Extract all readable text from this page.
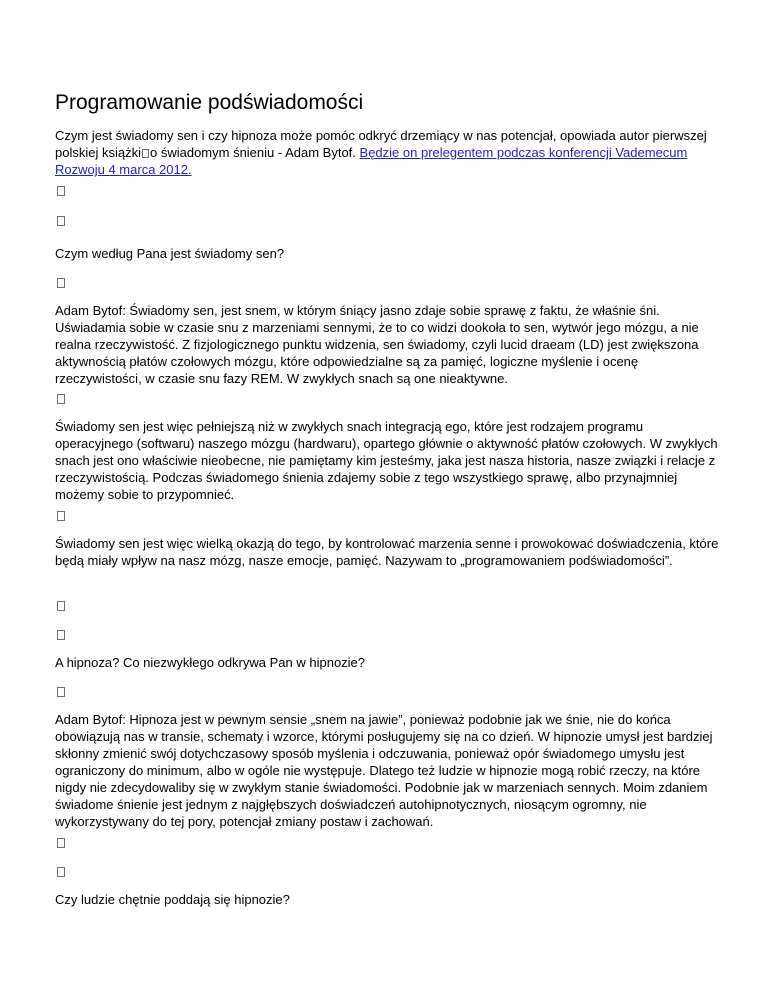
Programowanie podświadomości

Czym jest świadomy sen i czy hipnoza może pomóc odkryć drzemiący w nas potencjał, opowiada autor pierwszej polskiej książki o świadomym śnieniu - Adam Bytof. Będzie on prelegentem podczas konferencji Vademecum Rozwoju 4 marca 2012.

Czym według Pana jest świadomy sen?

Adam Bytof: Świadomy sen, jest snem, w którym śniący jasno zdaje sobie sprawę z faktu, że właśnie śni. Uświadamia sobie w czasie snu z marzeniami sennymi, że to co widzi dookoła to sen, wytwór jego mózgu, a nie realna rzeczywistość. Z fizjologicznego punktu widzenia, sen świadomy, czyli lucid draeam (LD) jest zwiększona aktywnością płatów czołowych mózgu, które odpowiedzialne są za pamięć, logiczne myślenie i ocenę rzeczywistości, w czasie snu fazy REM. W zwykłych snach są one nieaktywne.

Świadomy sen jest więc pełniejszą niż w zwykłych snach integracją ego, które jest rodzajem programu operacyjnego (softwaru) naszego mózgu (hardwaru), opartego głównie o aktywność płatów czołowych. W zwykłych snach jest ono właściwie nieobecne, nie pamiętamy kim jesteśmy, jaka jest nasza historia, nasze związki i relacje z rzeczywistością. Podczas świadomego śnienia zdajemy sobie z tego wszystkiego sprawę, albo przynajmniej możemy sobie to przypomnieć.

Świadomy sen jest więc wielką okazją do tego, by kontrolować marzenia senne i prowokować doświadczenia, które będą miały wpływ na nasz mózg, nasze emocje, pamięć. Nazywam to „programowaniem podświadomości”.

A hipnoza? Co niezwykłego odkrywa Pan w hipnozie?

Adam Bytof: Hipnoza jest w pewnym sensie „snem na jawie”, ponieważ podobnie jak we śnie, nie do końca obowiązują nas w transie, schematy i wzorce, którymi posługujemy się na co dzień. W hipnozie umysł jest bardziej skłonny zmienić swój dotychczasowy sposób myślenia i odczuwania, ponieważ opór świadomego umysłu jest ograniczony do minimum, albo w ogóle nie występuje. Dlatego też ludzie w hipnozie mogą robić rzeczy, na które nigdy nie zdecydowaliby się w zwykłym stanie świadomości. Podobnie jak w marzeniach sennych. Moim zdaniem świadome śnienie jest jednym z najgłębszych doświadczeń autohipnotycznych, niosącym ogromny, nie wykorzystywany do tej pory, potencjał zmiany postaw i zachowań.

Czy ludzie chętnie poddają się hipnozie?
